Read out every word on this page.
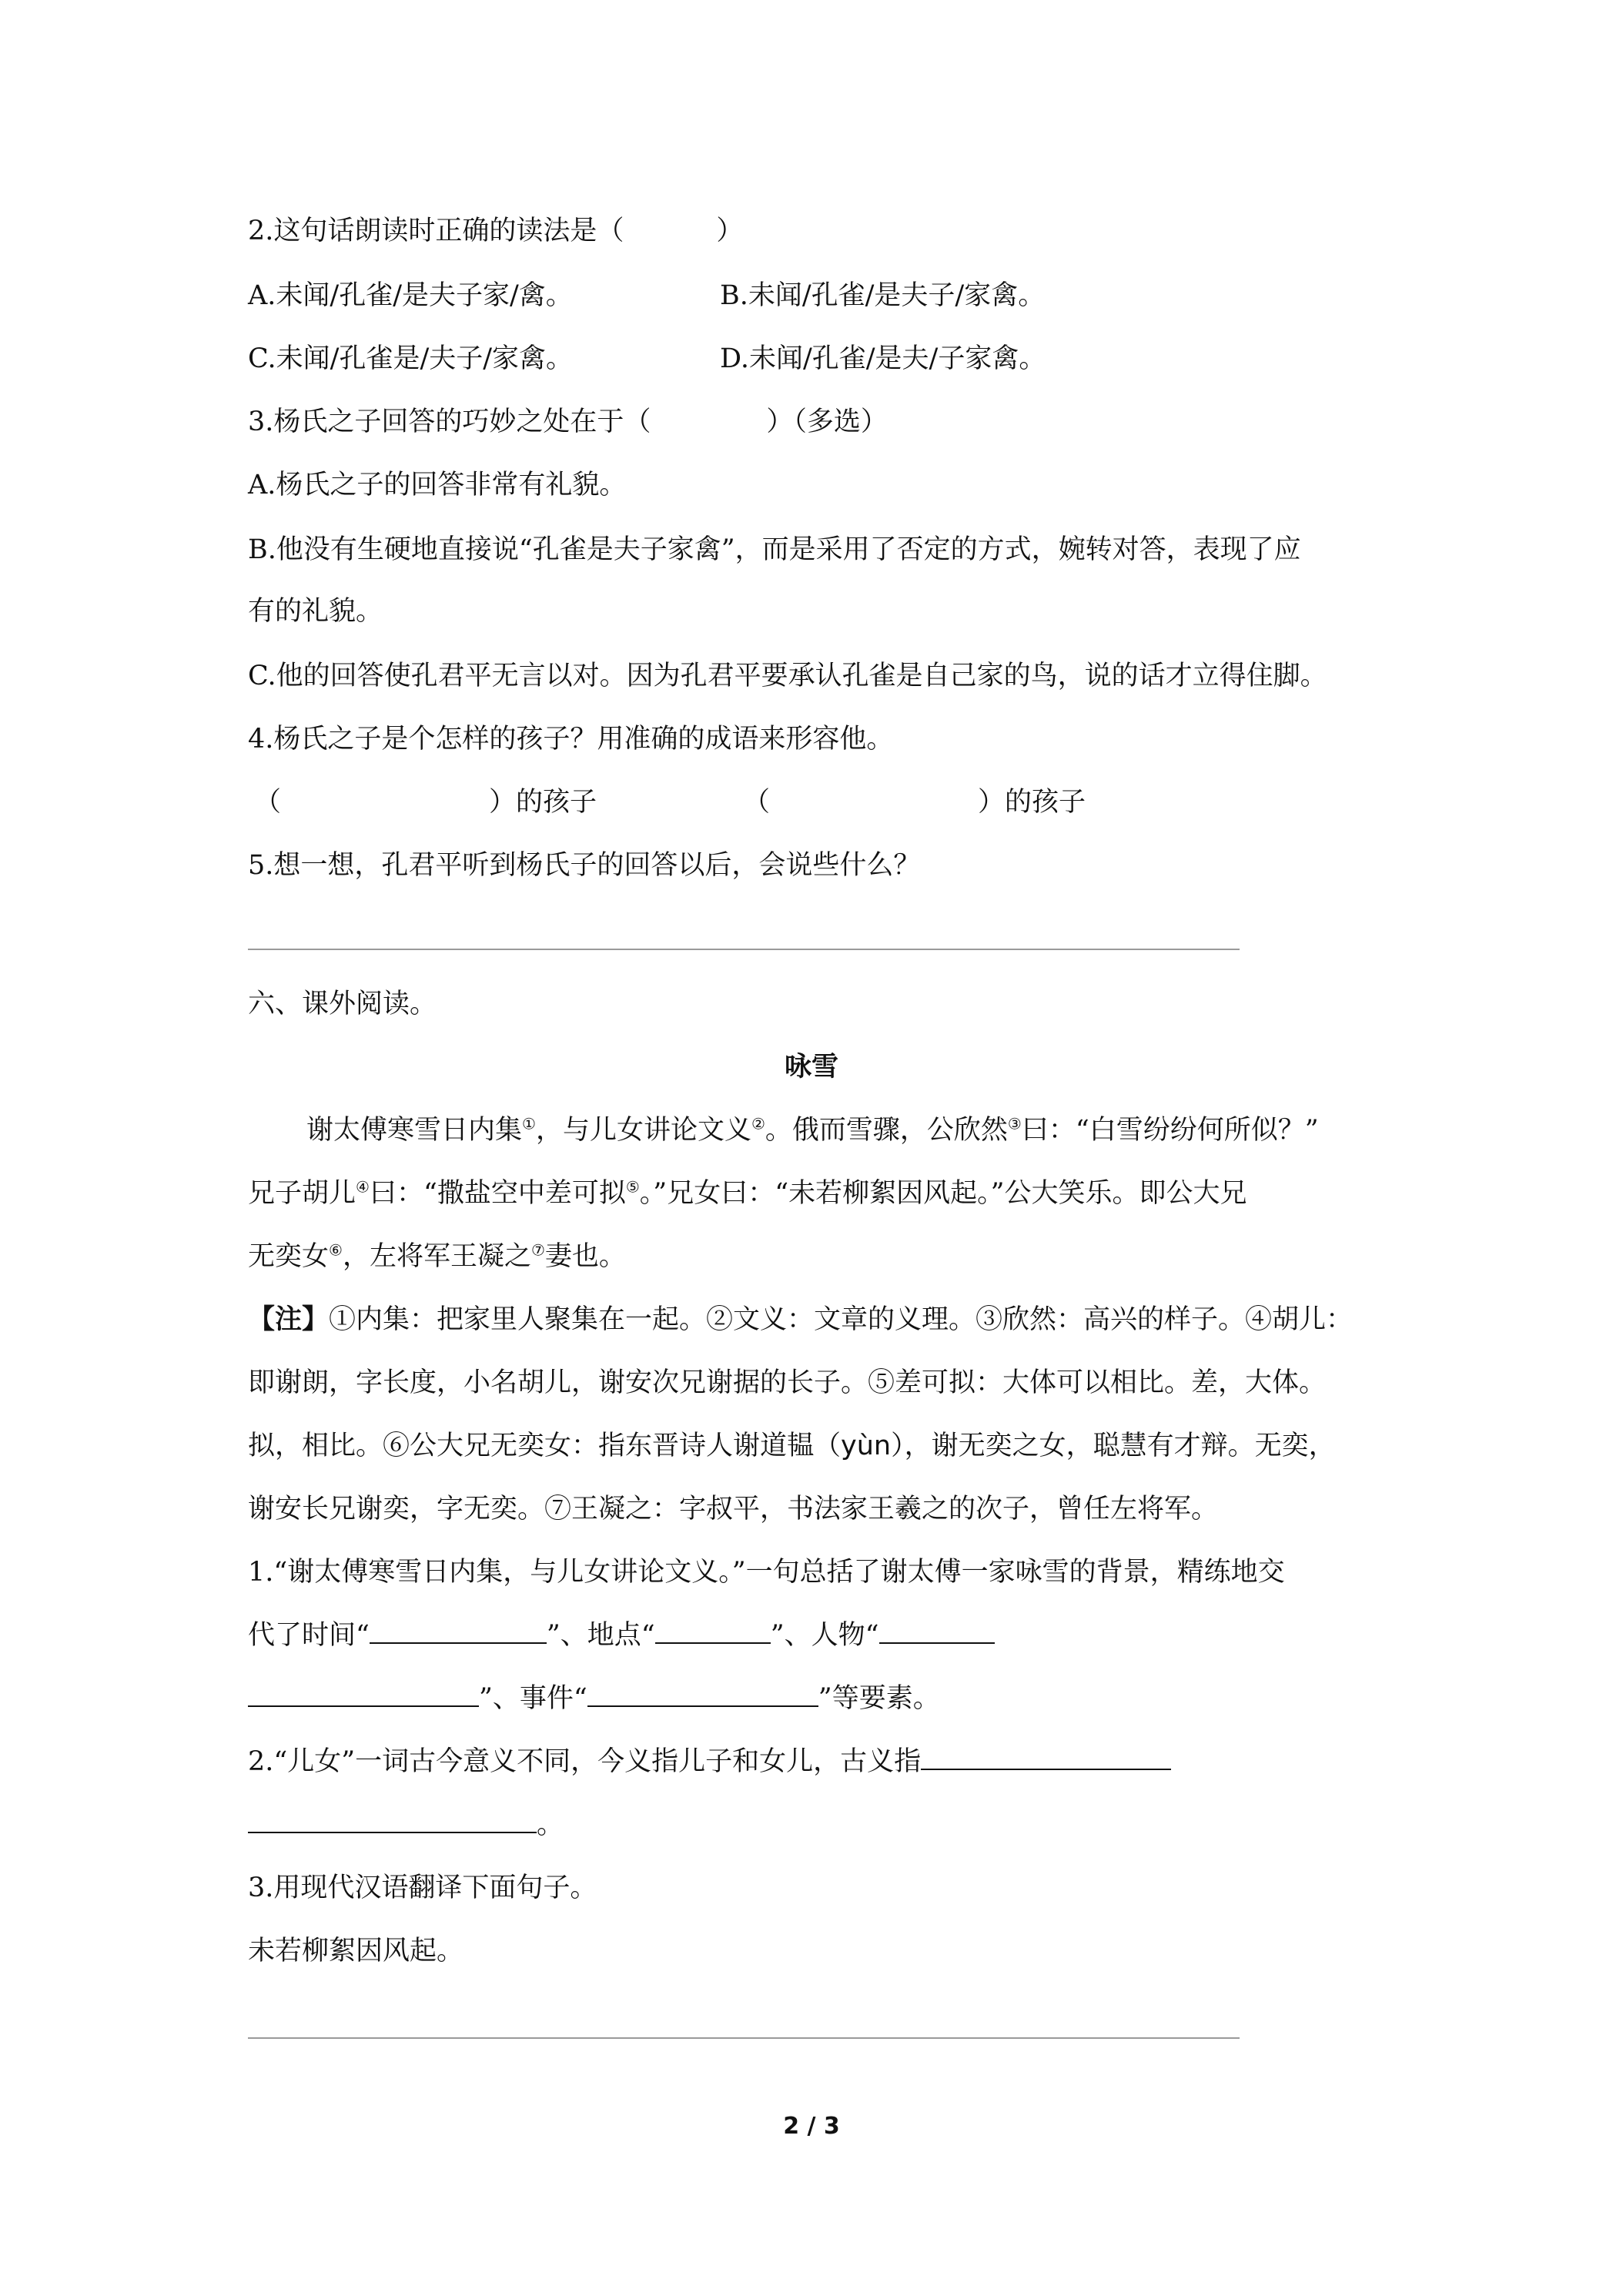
2.这句话朗读时正确的读法是（	）
A.未闻/孔雀/是夫子家/禽。	B.未闻/孔雀/是夫子/家禽。
C.未闻/孔雀是/夫子/家禽。	D.未闻/孔雀/是夫/子家禽。
3.杨氏之子回答的巧妙之处在于（	）（多选）
A.杨氏之子的回答非常有礼貌。
B.他没有生硬地直接说“孔雀是夫子家禽”，而是采用了否定的方式，婉转对答，表现了应
有的礼貌。
C.他的回答使孔君平无言以对。因为孔君平要承认孔雀是自己家的鸟，说的话才立得住脚。
4.杨氏之子是个怎样的孩子？用准确的成语来形容他。
（	）的孩子	（	）的孩子
5.想一想，孔君平听到杨氏子的回答以后，会说些什么？
六、课外阅读。
咏雪
谢太傅寒雪日内集①，与儿女讲论文义②。俄而雪骤，公欣然③曰：“白雪纷纷何所似？”
兄子胡儿④曰：“撒盐空中差可拟⑤。”兄女曰：“未若柳絮因风起。”公大笑乐。即公大兄
无奕女⑥，左将军王凝之⑦妻也。
【注】①内集：把家里人聚集在一起。②文义：文章的义理。③欣然：高兴的样子。④胡儿：
即谢朗，字长度，小名胡儿，谢安次兄谢据的长子。⑤差可拟：大体可以相比。差，大体。
拟，相比。⑥公大兄无奕女：指东晋诗人谢道韫（yùn），谢无奕之女，聪慧有才辩。无奕，
谢安长兄谢奕，字无奕。⑦王凝之：字叔平，书法家王羲之的次子，曾任左将军。
1.“谢太傅寒雪日内集，与儿女讲论文义。”一句总括了谢太傅一家咏雪的背景，精练地交
代了时间“	”、地点“	”、人物“
”、事件“	”等要素。
2.“儿女”一词古今意义不同，今义指儿子和女儿，古义指
。
3.用现代汉语翻译下面句子。
未若柳絮因风起。
2 / 3
